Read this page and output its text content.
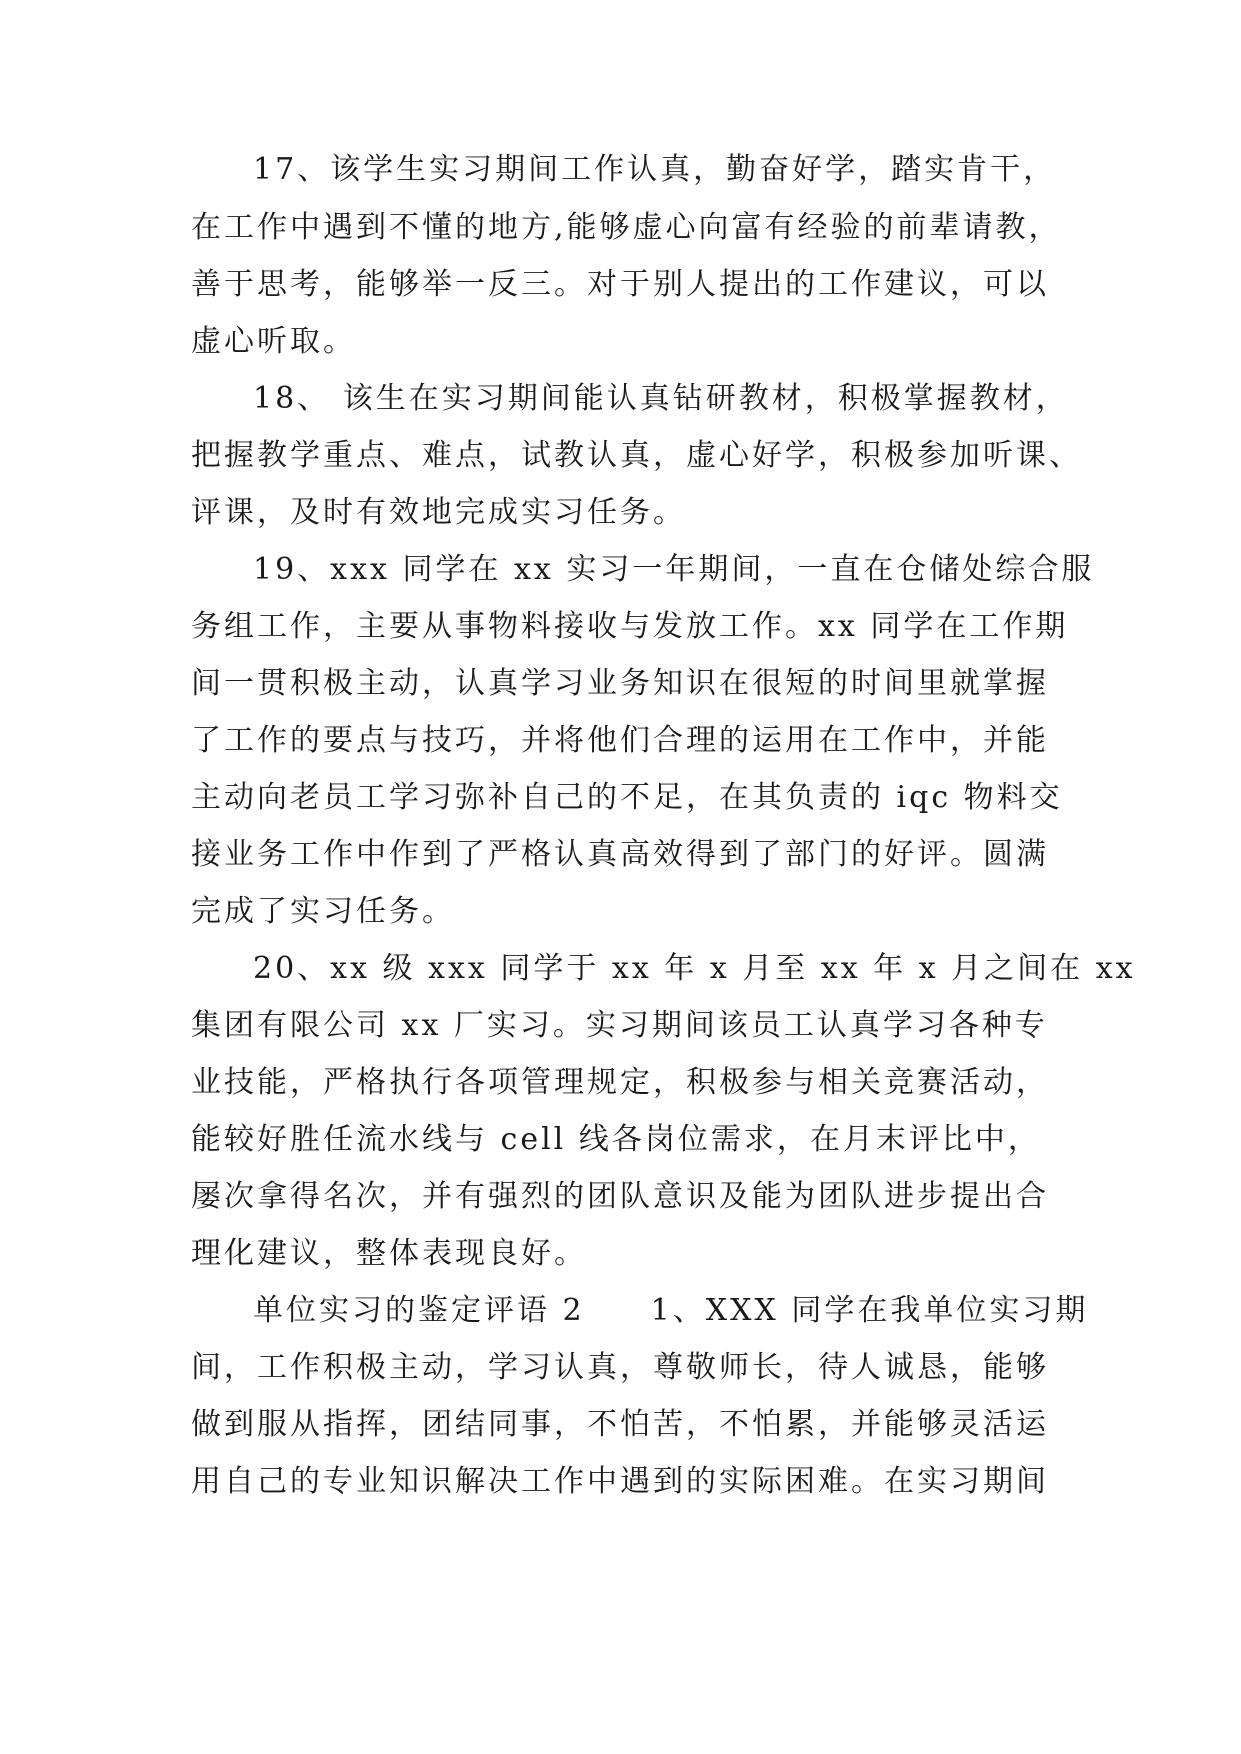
17、该学生实习期间工作认真，勤奋好学，踏实肯干，
在工作中遇到不懂的地方,能够虚心向富有经验的前辈请教，
善于思考，能够举一反三。对于别人提出的工作建议，可以
虚心听取。
18、 该生在实习期间能认真钻研教材，积极掌握教材，
把握教学重点、难点，试教认真，虚心好学，积极参加听课、
评课，及时有效地完成实习任务。
19、xxx 同学在 xx 实习一年期间，一直在仓储处综合服
务组工作，主要从事物料接收与发放工作。xx 同学在工作期
间一贯积极主动，认真学习业务知识在很短的时间里就掌握
了工作的要点与技巧，并将他们合理的运用在工作中，并能
主动向老员工学习弥补自己的不足，在其负责的 iqc 物料交
接业务工作中作到了严格认真高效得到了部门的好评。圆满
完成了实习任务。
20、xx 级 xxx 同学于 xx 年 x 月至 xx 年 x 月之间在 xx
集团有限公司 xx 厂实习。实习期间该员工认真学习各种专
业技能，严格执行各项管理规定，积极参与相关竞赛活动，
能较好胜任流水线与 cell 线各岗位需求，在月末评比中，
屡次拿得名次，并有强烈的团队意识及能为团队进步提出合
理化建议，整体表现良好。
单位实习的鉴定评语 2　　1、XXX 同学在我单位实习期
间，工作积极主动，学习认真，尊敬师长，待人诚恳，能够
做到服从指挥，团结同事，不怕苦，不怕累，并能够灵活运
用自己的专业知识解决工作中遇到的实际困难。在实习期间
